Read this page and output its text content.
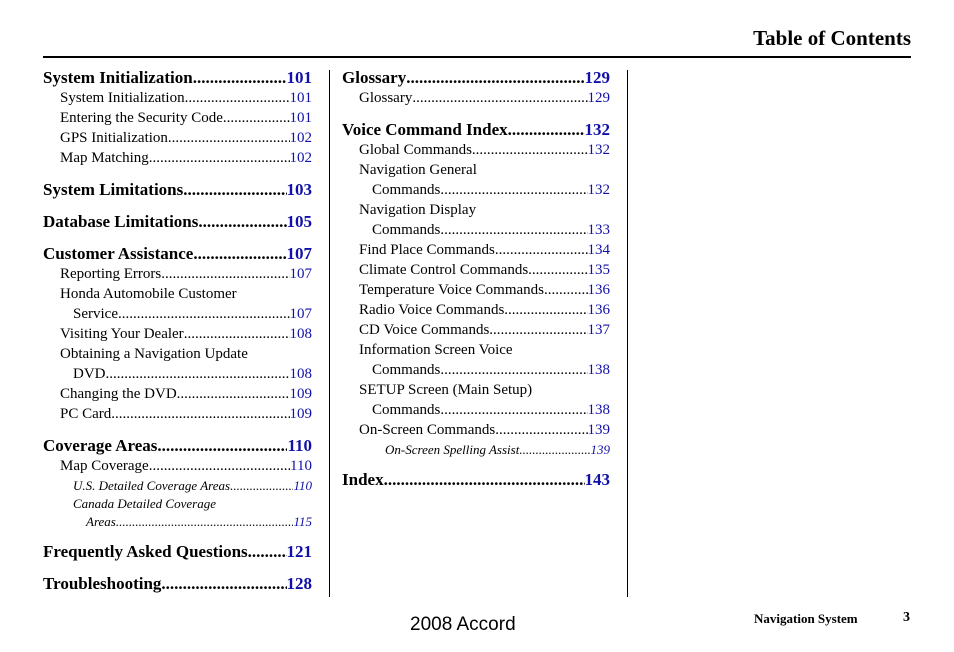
Table of Contents
System Initialization .....	101
System Initialization .....	101
Entering the Security Code .....	101
GPS Initialization .....	102
Map Matching .....	102
System Limitations .....	103
Database Limitations .....	105
Customer Assistance .....	107
Reporting Errors .....	107
Honda Automobile Customer
Service .....	107
Visiting Your Dealer .....	108
Obtaining a Navigation Update
DVD .....	108
Changing the DVD .....	109
PC Card .....	109
Coverage Areas .....	110
Map Coverage .....	110
U.S. Detailed Coverage Areas .....	110
Canada Detailed Coverage
Areas .....	115
Frequently Asked Questions ..... 121
Troubleshooting .....	128
Glossary .....	129
Glossary .....	129
Voice Command Index .....	132
Global Commands .....	132
Navigation General
Commands .....	132
Navigation Display
Commands .....	133
Find Place Commands .....	134
Climate Control Commands .....	135
Temperature Voice Commands .....	136
Radio Voice Commands .....	136
CD Voice Commands .....	137
Information Screen Voice
Commands .....	138
SETUP Screen (Main Setup)
Commands .....	138
On-Screen Commands .....	139
On-Screen Spelling Assist .....	139
Index .....	143
2008 Accord	Navigation System	3
